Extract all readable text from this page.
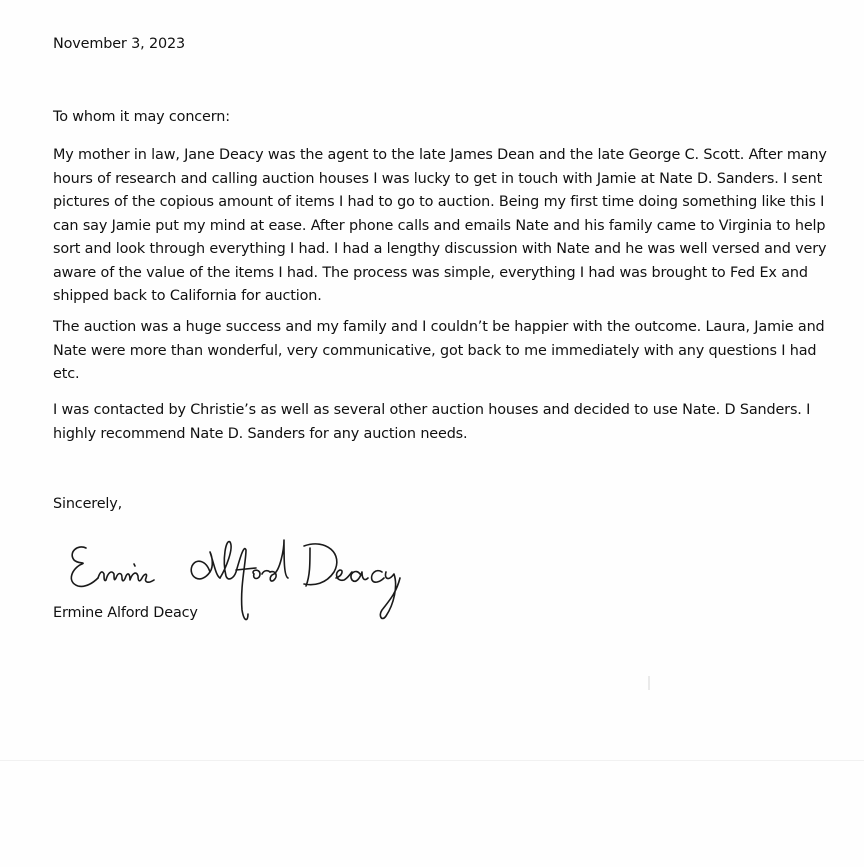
November 3, 2023

To whom it may concern:

My mother in law, Jane Deacy was the agent to the late James Dean and the late George C. Scott. After many hours of research and calling auction houses I was lucky to get in touch with Jamie at Nate D. Sanders. I sent pictures of the copious amount of items I had to go to auction. Being my first time doing something like this I can say Jamie put my mind at ease. After phone calls and emails Nate and his family came to Virginia to help sort and look through everything I had. I had a lengthy discussion with Nate and he was well versed and very aware of the value of the items I had. The process was simple, everything I had was brought to Fed Ex and shipped back to California for auction.

The auction was a huge success and my family and I couldn’t be happier with the outcome. Laura, Jamie and Nate were more than wonderful, very communicative, got back to me immediately with any questions I had etc.

I was contacted by Christie’s as well as several other auction houses and decided to use Nate. D Sanders. I highly recommend Nate D. Sanders for any auction needs.

Sincerely,

Ermine Alford Deacy
